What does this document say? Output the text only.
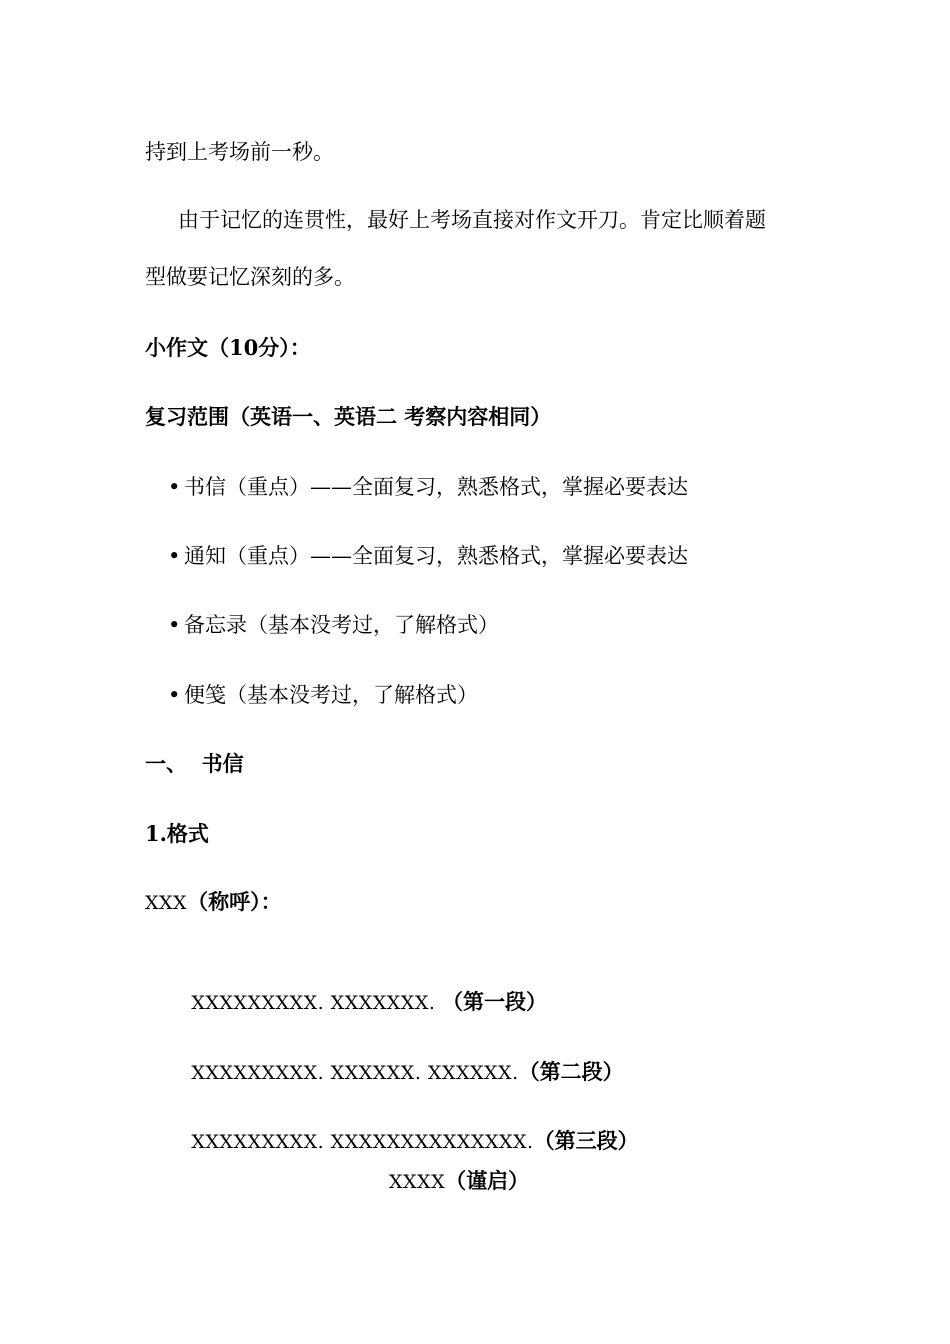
持到上考场前一秒。
由于记忆的连贯性，最好上考场直接对作文开刀。肯定比顺着题
型做要记忆深刻的多。
小作文（10分）：
复习范围（英语一、英语二 考察内容相同）
• 书信（重点）——全面复习，熟悉格式，掌握必要表达
• 通知（重点）——全面复习，熟悉格式，掌握必要表达
• 备忘录（基本没考过，了解格式）
• 便笺（基本没考过，了解格式）
一、  书信
1.格式
XXX（称呼）：

XXXXXXXXX. XXXXXXX. （第一段）

XXXXXXXXX. XXXXXX. XXXXXX.（第二段）

XXXXXXXXX. XXXXXXXXXXXXXX.（第三段）

XXXX（谨启）
